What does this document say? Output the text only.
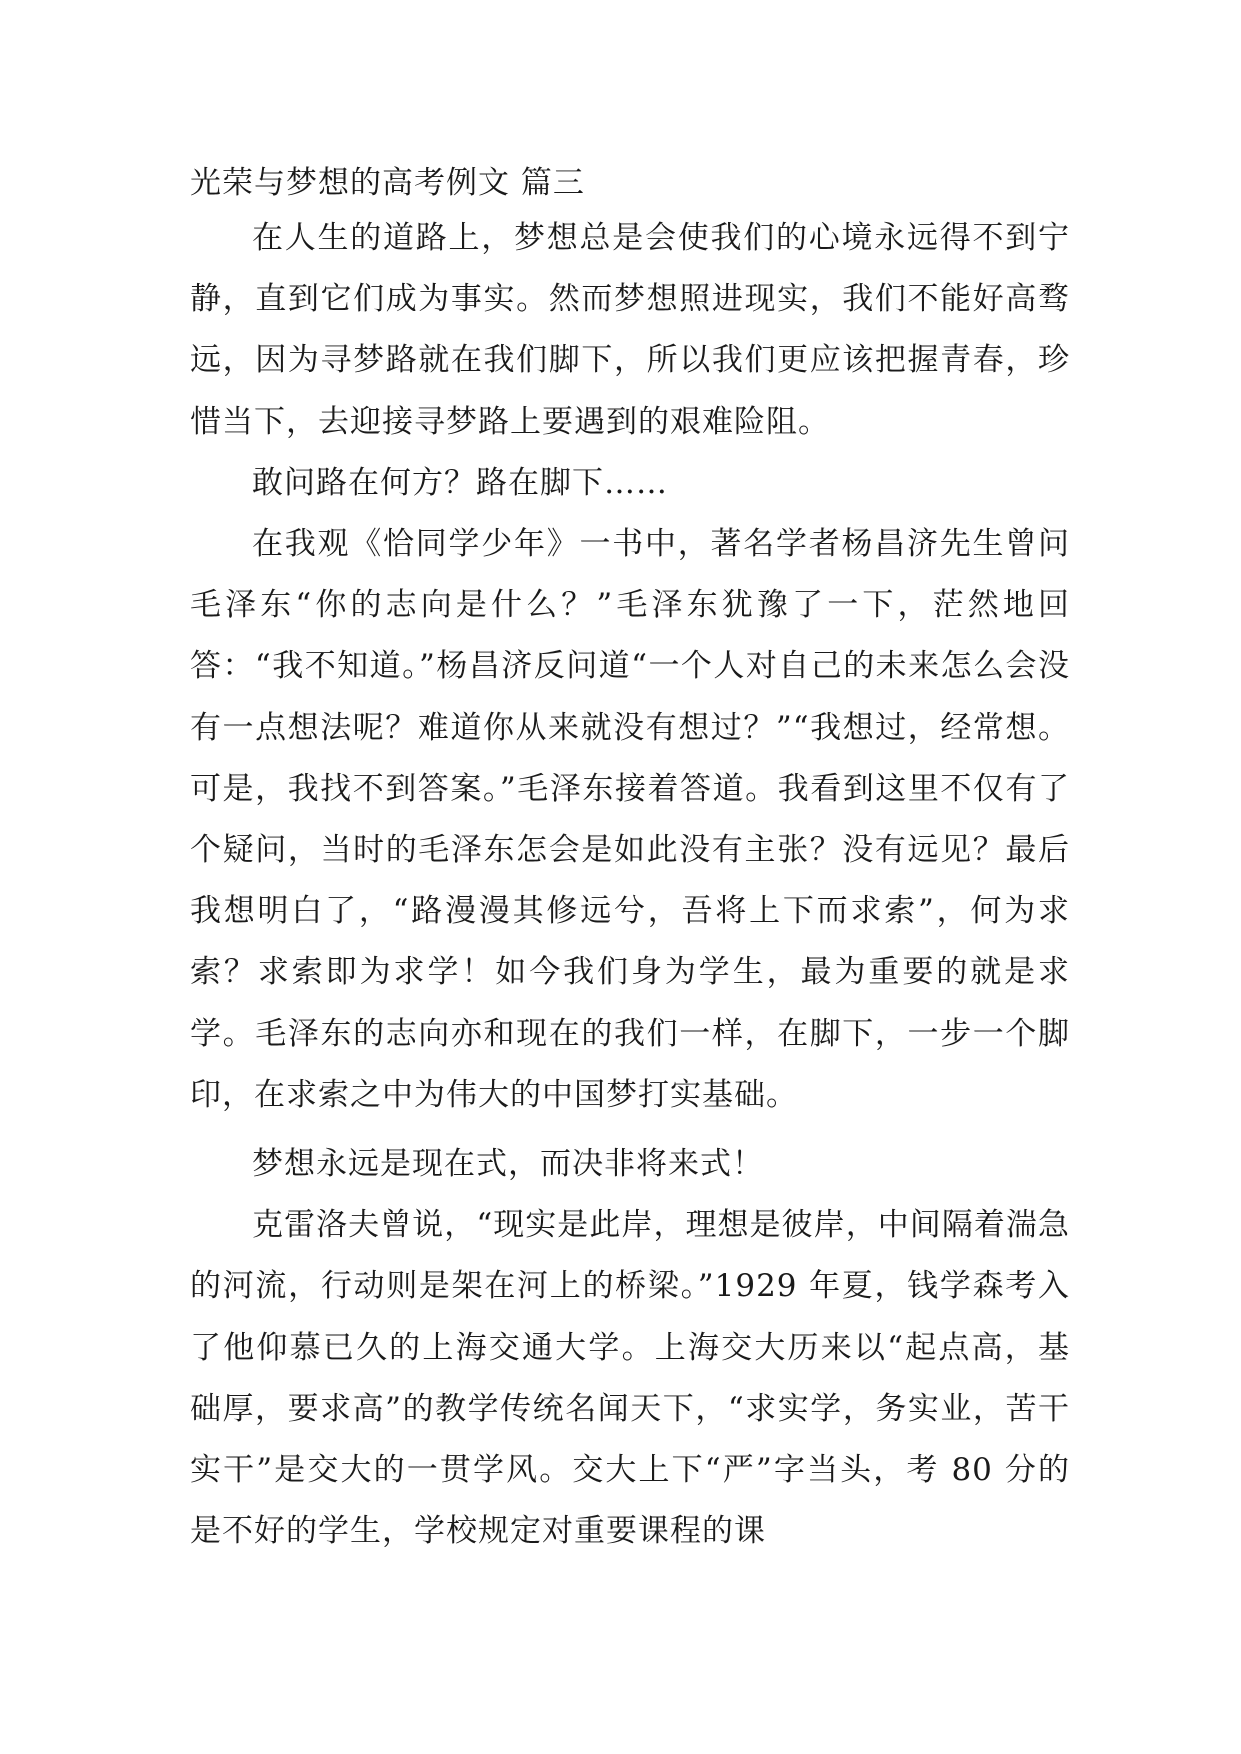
光荣与梦想的高考例文 篇三

在人生的道路上，梦想总是会使我们的心境永远得不到宁静，直到它们成为事实。然而梦想照进现实，我们不能好高骛远，因为寻梦路就在我们脚下，所以我们更应该把握青春，珍惜当下，去迎接寻梦路上要遇到的艰难险阻。

敢问路在何方？路在脚下……

在我观《恰同学少年》一书中，著名学者杨昌济先生曾问毛泽东“你的志向是什么？”毛泽东犹豫了一下，茫然地回答：“我不知道。”杨昌济反问道“一个人对自己的未来怎么会没有一点想法呢？难道你从来就没有想过？”“我想过，经常想。可是，我找不到答案。”毛泽东接着答道。我看到这里不仅有了个疑问，当时的毛泽东怎会是如此没有主张？没有远见？最后我想明白了，“路漫漫其修远兮，吾将上下而求索”，何为求索？求索即为求学！如今我们身为学生，最为重要的就是求学。毛泽东的志向亦和现在的我们一样，在脚下，一步一个脚印，在求索之中为伟大的中国梦打实基础。

梦想永远是现在式，而决非将来式！

克雷洛夫曾说，“现实是此岸，理想是彼岸，中间隔着湍急的河流，行动则是架在河上的桥梁。”1929 年夏，钱学森考入了他仰慕已久的上海交通大学。上海交大历来以“起点高，基础厚，要求高”的教学传统名闻天下，“求实学，务实业，苦干实干”是交大的一贯学风。交大上下“严”字当头，考 80 分的是不好的学生，学校规定对重要课程的课
